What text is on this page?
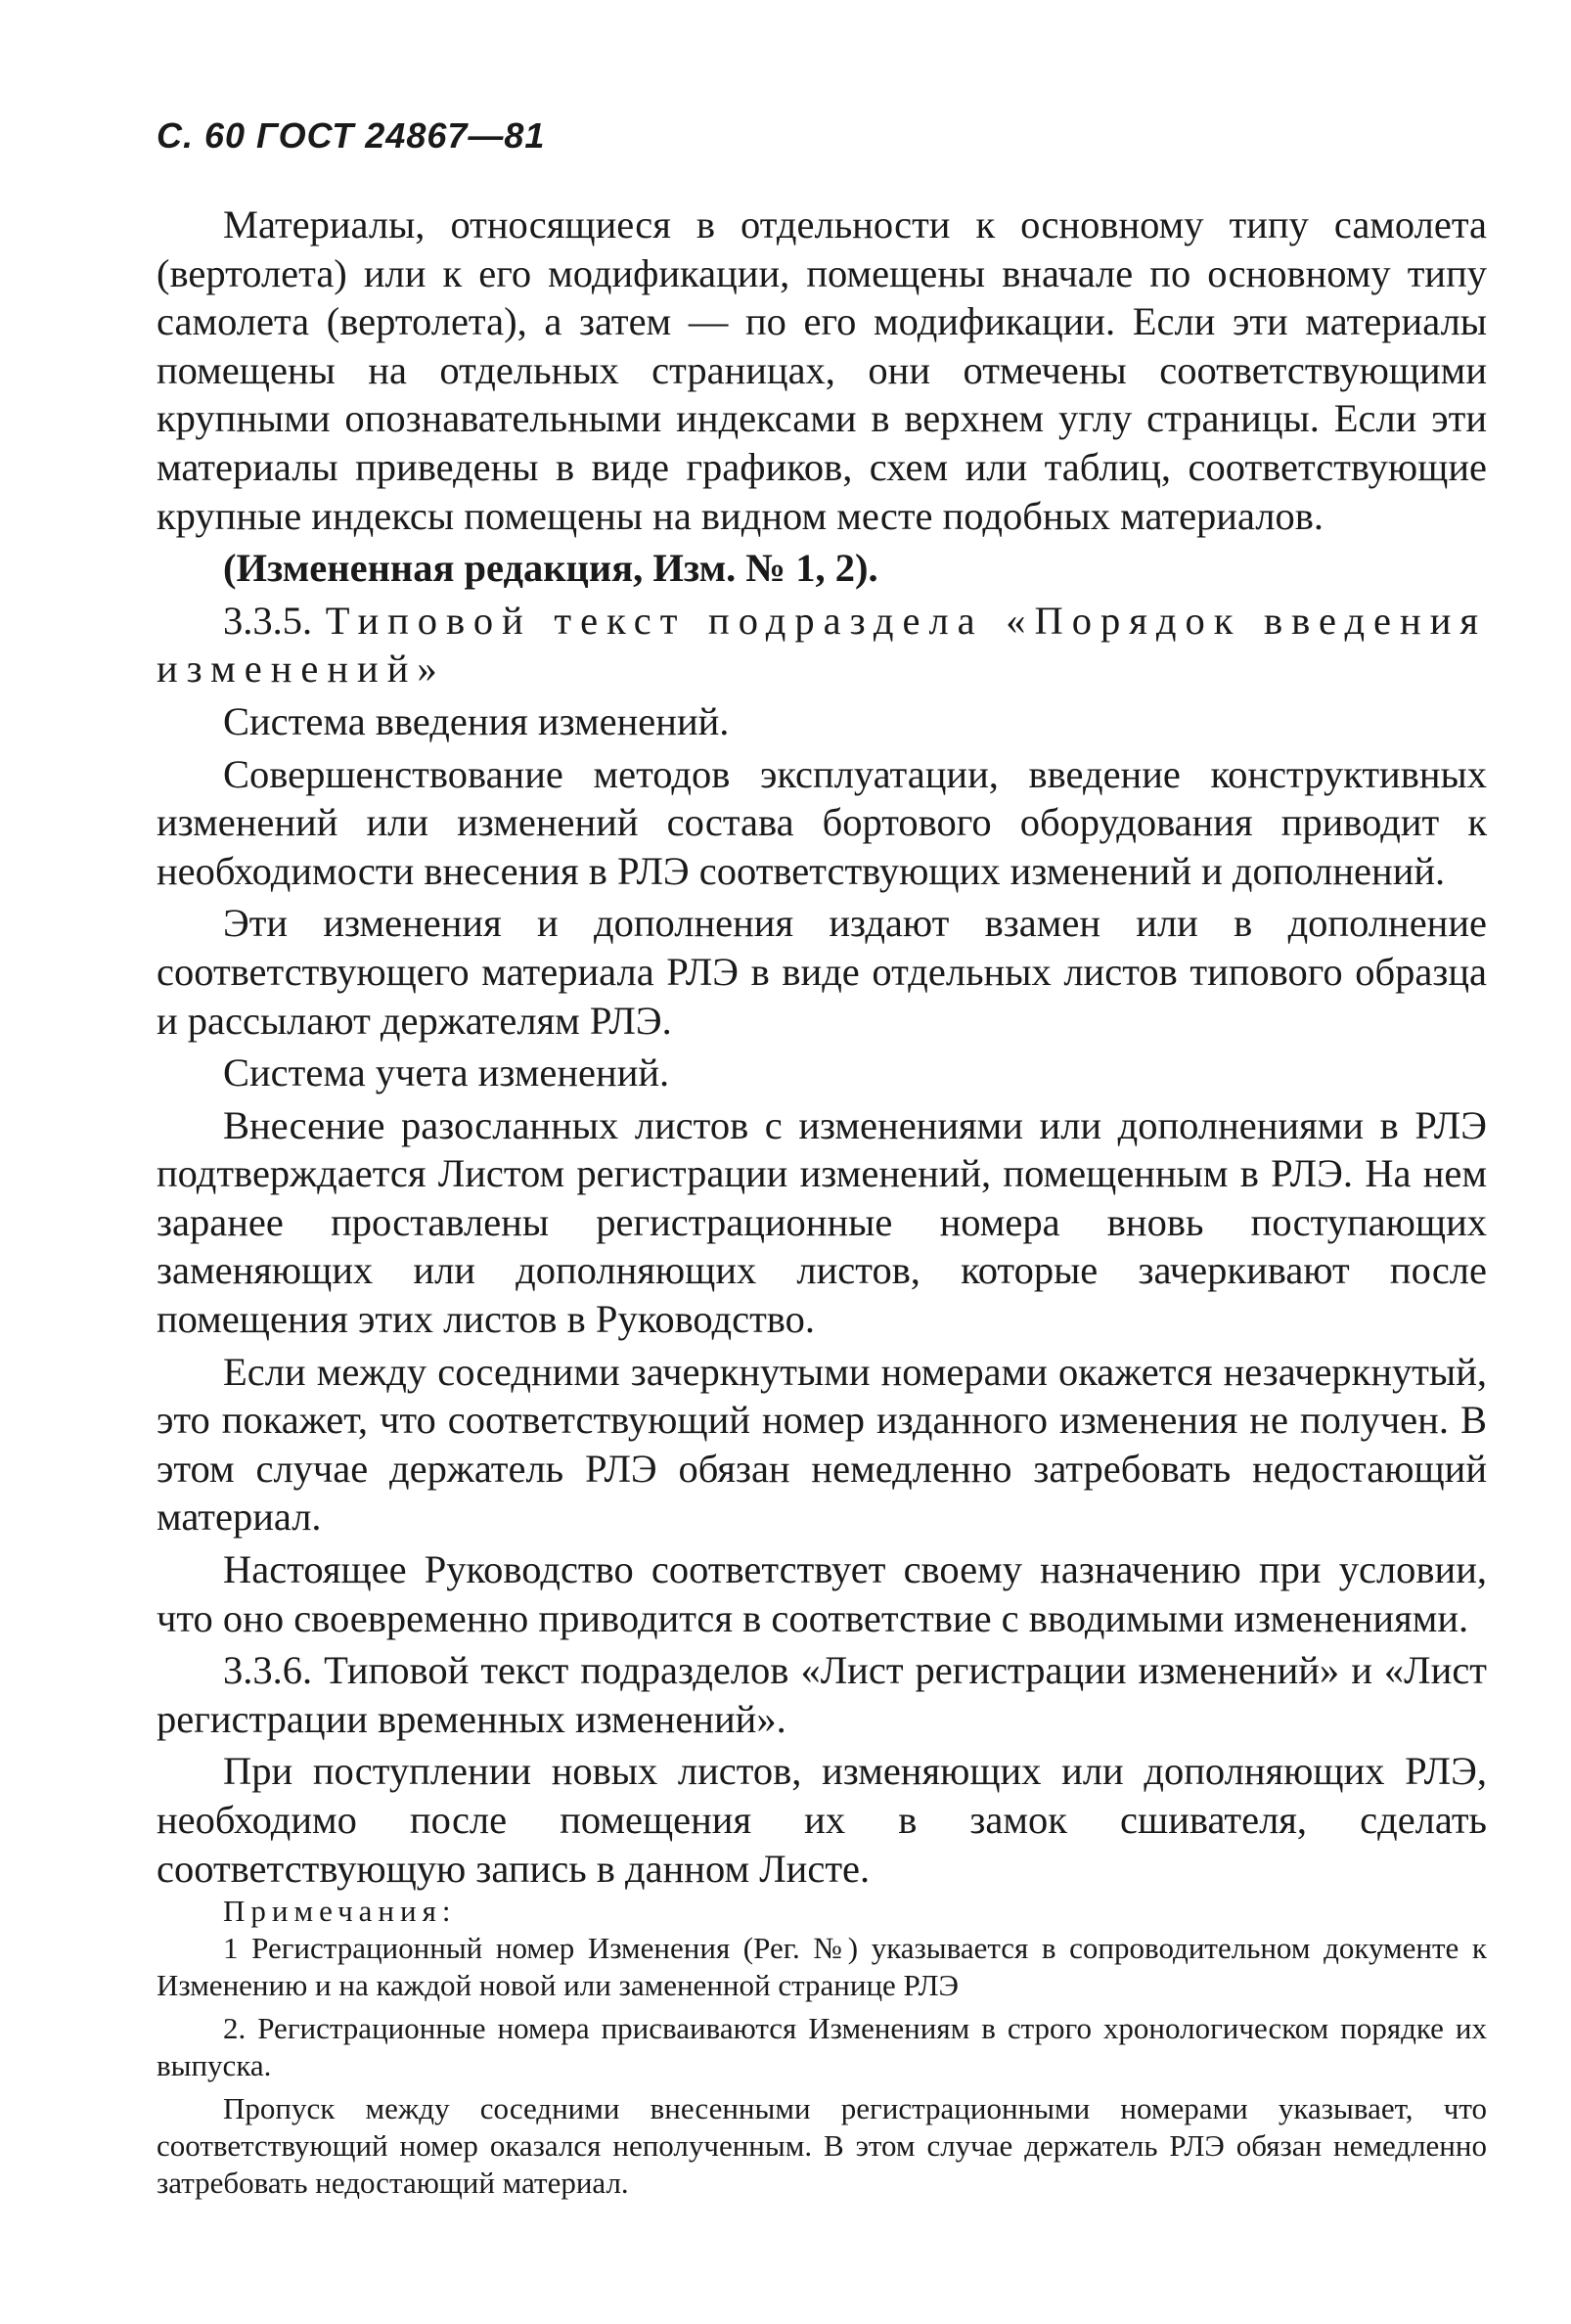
С. 60 ГОСТ 24867—81

Материалы, относящиеся в отдельности к основному типу самолета (вертолета) или к его модификации, помещены вначале по основному типу самолета (вертолета), а затем — по его модификации. Если эти материалы помещены на отдельных страницах, они отмечены соответствующими крупными опознавательными индексами в верхнем углу страницы. Если эти материалы приведены в виде графиков, схем или таблиц, соответствующие крупные индексы помещены на видном месте подобных материалов.

(Измененная редакция, Изм. № 1, 2).

3.3.5. Типовой текст подраздела «Порядок введения изменений»

Система введения изменений.

Совершенствование методов эксплуатации, введение конструктивных изменений или изменений состава бортового оборудования приводит к необходимости внесения в РЛЭ соответствующих изменений и дополнений.

Эти изменения и дополнения издают взамен или в дополнение соответствующего материала РЛЭ в виде отдельных листов типового образца и рассылают держателям РЛЭ.

Система учета изменений.

Внесение разосланных листов с изменениями или дополнениями в РЛЭ подтверждается Листом регистрации изменений, помещенным в РЛЭ. На нем заранее проставлены регистрационные номера вновь поступающих заменяющих или дополняющих листов, которые зачеркивают после помещения этих листов в Руководство.

Если между соседними зачеркнутыми номерами окажется незачеркнутый, это покажет, что соответствующий номер изданного изменения не получен. В этом случае держатель РЛЭ обязан немедленно затребовать недостающий материал.

Настоящее Руководство соответствует своему назначению при условии, что оно своевременно приводится в соответствие с вводимыми изменениями.

3.3.6. Типовой текст подразделов «Лист регистрации изменений» и «Лист регистрации временных изменений».

При поступлении новых листов, изменяющих или дополняющих РЛЭ, необходимо после помещения их в замок сшивателя, сделать соответствующую запись в данном Листе.

Примечания:

1 Регистрационный номер Изменения (Рег. №) указывается в сопроводительном документе к Изменению и на каждой новой или замененной странице РЛЭ

2. Регистрационные номера присваиваются Изменениям в строго хронологическом порядке их выпуска.

Пропуск между соседними внесенными регистрационными номерами указывает, что соответствующий номер оказался неполученным. В этом случае держатель РЛЭ обязан немедленно затребовать недостающий материал.
